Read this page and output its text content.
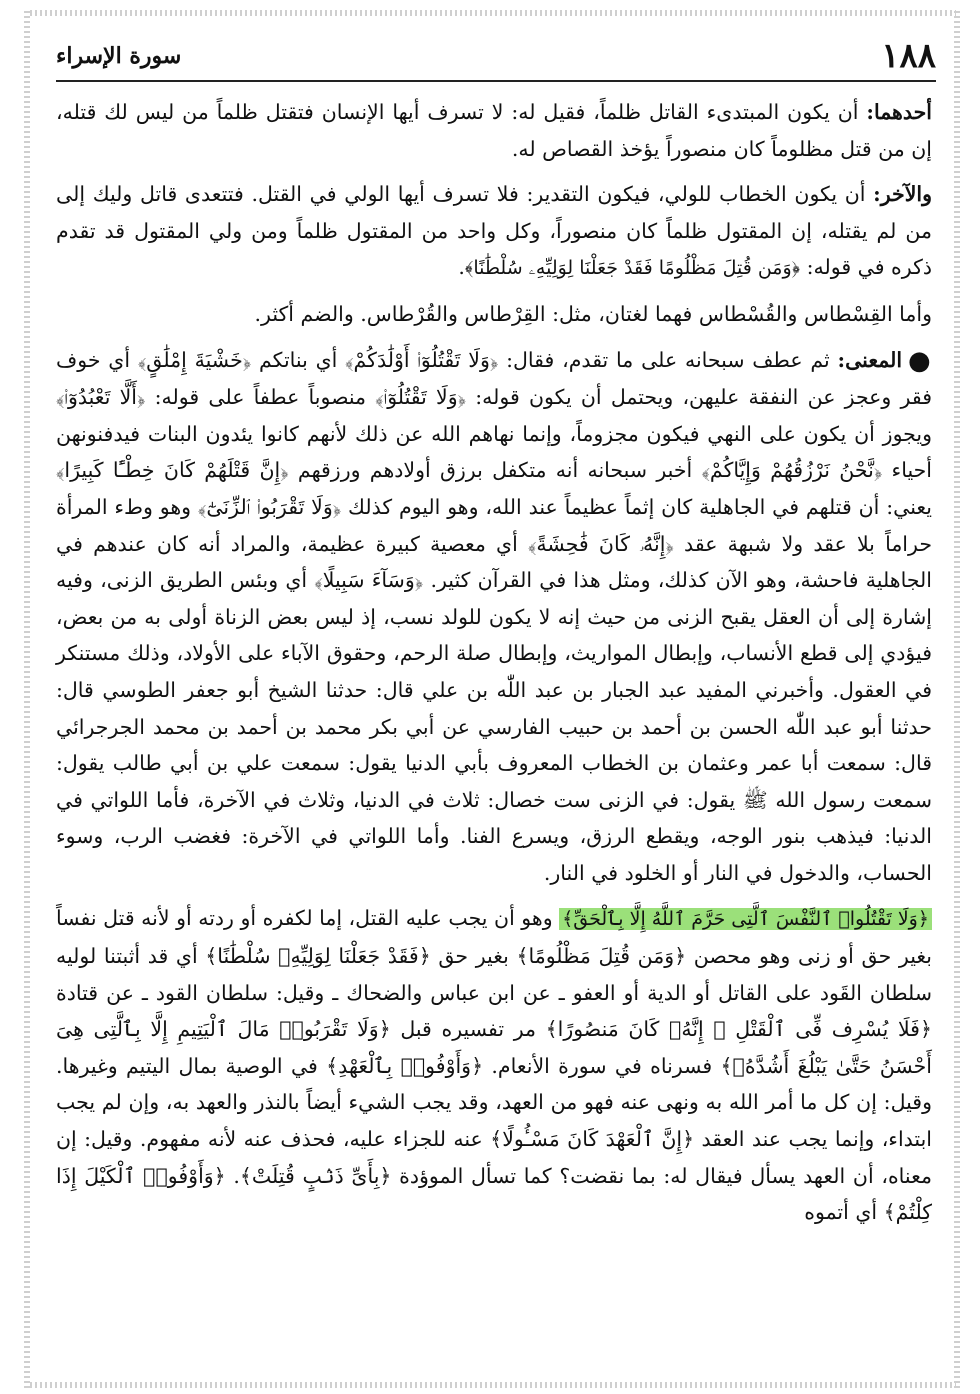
١٨٨
سورة الإسراء

أحدهما: أن يكون المبتدىء القاتل ظلماً، فقيل له: لا تسرف أيها الإنسان فتقتل ظلماً من ليس لك قتله، إن من قتل مظلوماً كان منصوراً يؤخذ القصاص له.

والآخر: أن يكون الخطاب للولي، فيكون التقدير: فلا تسرف أيها الولي في القتل. فتتعدى قاتل وليك إلى من لم يقتله، إن المقتول ظلماً كان منصوراً، وكل واحد من المقتول ظلماً ومن ولي المقتول قد تقدم ذكره في قوله: ﴿وَمَن قُتِلَ مَظْلُومًا فَقَدْ جَعَلْنَا لِوَلِيِّهِۦ سُلْطَٰنًا﴾.

وأما القِسْطاس والقُسْطاس فهما لغتان، مثل: القِرْطاس والقُرْطاس. والضم أكثر.

●المعنى: ثم عطف سبحانه على ما تقدم، فقال: ﴿وَلَا تَقْتُلُوٓا۟ أَوْلَٰدَكُمْ﴾ أي بناتكم ﴿خَشْيَةَ إِمْلَٰقٍ﴾ أي خوف فقر وعجز عن النفقة عليهن، ويحتمل أن يكون قوله: ﴿وَلَا تَقْتُلُوٓا۟﴾ منصوباً عطفاً على قوله: ﴿أَلَّا تَعْبُدُوٓا۟﴾ ويجوز أن يكون على النهي فيكون مجزوماً، وإنما نهاهم الله عن ذلك لأنهم كانوا يئدون البنات فيدفنونهن أحياء ﴿نَّحْنُ نَرْزُقُهُمْ وَإِيَّاكُمْ﴾ أخبر سبحانه أنه متكفل برزق أولادهم ورزقهم ﴿إِنَّ قَتْلَهُمْ كَانَ خِطْـًٔا كَبِيرًا﴾ يعني: أن قتلهم في الجاهلية كان إثماً عظيماً عند الله، وهو اليوم كذلك ﴿وَلَا تَقْرَبُوا۟ ٱلزِّنَىٰٓ﴾ وهو وطء المرأة حراماً بلا عقد ولا شبهة عقد ﴿إِنَّهُۥ كَانَ فَٰحِشَةً﴾ أي معصية كبيرة عظيمة، والمراد أنه كان عندهم في الجاهلية فاحشة، وهو الآن كذلك، ومثل هذا في القرآن كثير. ﴿وَسَآءَ سَبِيلًا﴾ أي وبئس الطريق الزنى، وفيه إشارة إلى أن العقل يقبح الزنى من حيث إنه لا يكون للولد نسب، إذ ليس بعض الزناة أولى به من بعض، فيؤدي إلى قطع الأنساب، وإبطال المواريث، وإبطال صلة الرحم، وحقوق الآباء على الأولاد، وذلك مستنكر في العقول. وأخبرني المفيد عبد الجبار بن عبد اللّٰه بن علي قال: حدثنا الشيخ أبو جعفر الطوسي قال: حدثنا أبو عبد اللّٰه الحسن بن أحمد بن حبيب الفارسي عن أبي بكر محمد بن أحمد بن محمد الجرجرائي قال: سمعت أبا عمر وعثمان بن الخطاب المعروف بأبي الدنيا يقول: سمعت علي بن أبي طالب يقول: سمعت رسول الله ﷺ يقول: في الزنى ست خصال: ثلاث في الدنيا، وثلاث في الآخرة، فأما اللواتي في الدنيا: فيذهب بنور الوجه، ويقطع الرزق، ويسرع الفنا. وأما اللواتي في الآخرة: فغضب الرب، وسوء الحساب، والدخول في النار أو الخلود في النار.

﴿وَلَا تَقْتُلُوا۟ ٱلنَّفْسَ ٱلَّتِى حَرَّمَ ٱللَّهُ إِلَّا بِٱلْحَقِّ﴾ وهو أن يجب عليه القتل، إما لكفره أو ردته أو لأنه قتل نفساً بغير حق أو زنى وهو محصن ﴿وَمَن قُتِلَ مَظْلُومًا﴾ بغير حق ﴿فَقَدْ جَعَلْنَا لِوَلِيِّهِۦ سُلْطَٰنًا﴾ أي قد أثبتنا لوليه سلطان القَود على القاتل أو الدية أو العفو ـ عن ابن عباس والضحاك ـ وقيل: سلطان القود ـ عن قتادة ﴿فَلَا يُسْرِف فِّى ٱلْقَتْلِ ۖ إِنَّهُۥ كَانَ مَنصُورًا﴾ مر تفسيره قبل ﴿وَلَا تَقْرَبُوا۟ مَالَ ٱلْيَتِيمِ إِلَّا بِٱلَّتِى هِىَ أَحْسَنُ حَتَّىٰ يَبْلُغَ أَشُدَّهُۥ﴾ فسرناه في سورة الأنعام. ﴿وَأَوْفُوا۟ بِٱلْعَهْدِ﴾ في الوصية بمال اليتيم وغيرها. وقيل: إن كل ما أمر الله به ونهى عنه فهو من العهد، وقد يجب الشيء أيضاً بالنذر والعهد به، وإن لم يجب ابتداء، وإنما يجب عند العقد ﴿إِنَّ ٱلْعَهْدَ كَانَ مَسْـُٔولًا﴾ عنه للجزاء عليه، فحذف عنه لأنه مفهوم. وقيل: إن معناه، أن العهد يسأل فيقال له: بما نقضت؟ كما تسأل الموؤدة ﴿بِأَىِّ ذَنۢبٍ قُتِلَتْ﴾. ﴿وَأَوْفُوا۟ ٱلْكَيْلَ إِذَا كِلْتُمْ﴾ أي أتموه
